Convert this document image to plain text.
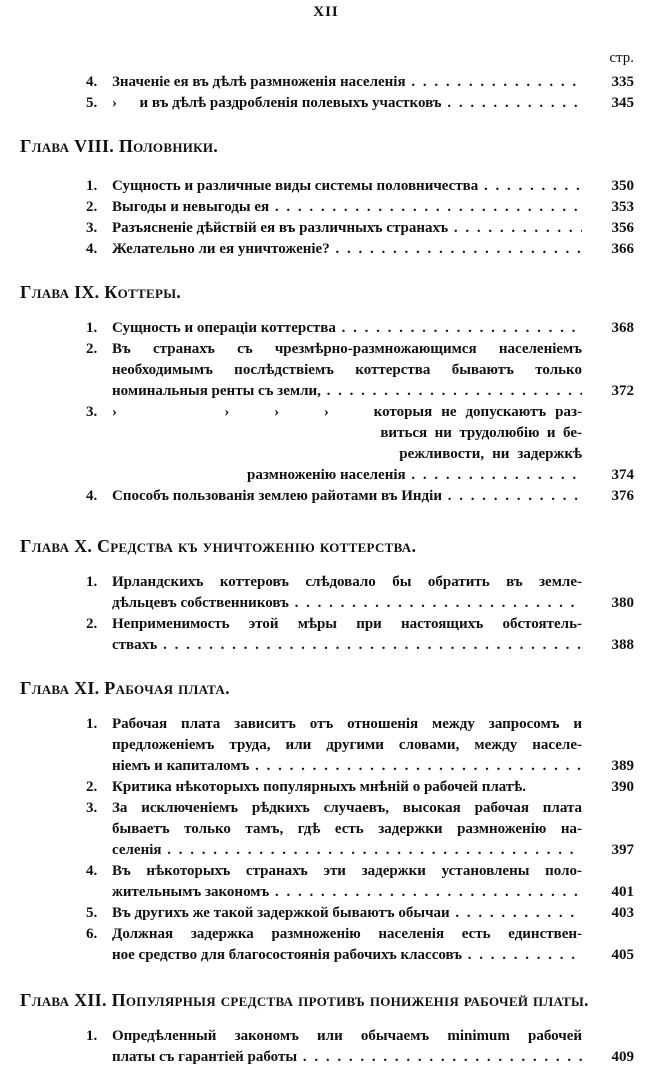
XII
стр.
4. Значеніе ея въ дѣлѣ размноженія населенія . . .	335
5. ›      и въ дѣлѣ раздробленія полевыхъ участковъ . . .	345
Глава VIII. Половники.
1. Сущность и различные виды системы половничества . . .	350
2. Выгоды и невыгоды ея . . .	353
3. Разъясненіе дѣйствій ея въ различныхъ странахъ . . .	356
4. Желательно ли ея уничтоженіе? . . .	366
Глава IX. Коттеры.
1. Сущность и операціи коттерства . . .	368
2. Въ странахъ съ чрезмѣрно-размножающимся населеніемъ
необходимымъ послѣдствіемъ коттерства бываютъ только
номинальныя ренты съ земли, . . .	372
3. ›            ›     ›     ›     которыя не допускаютъ раз-
виться ни трудолюбію и бе-
режливости, ни задержкѣ
размноженію населенія . . .	374
4. Способъ пользованія землею райотами въ Индіи . . .	376
Глава X. Средства къ уничтоженію коттерства.
1. Ирландскихъ коттеровъ слѣдовало бы обратить въ земле-
дѣльцевъ собственниковъ . . .	380
2. Неприменимость этой мѣры при настоящихъ обстоятель-
ствахъ . . .	388
Глава XI. Рабочая плата.
1. Рабочая плата зависитъ отъ отношенія между запросомъ и
предложеніемъ труда, или другими словами, между населе-
ніемъ и капиталомъ . . .	389
2. Критика нѣкоторыхъ популярныхъ мнѣній о рабочей платѣ.	390
3. За исключеніемъ рѣдкихъ случаевъ, высокая рабочая плата
бываетъ только тамъ, гдѣ есть задержки размноженію на-
селенія . . .	397
4. Въ нѣкоторыхъ странахъ эти задержки установлены поло-
жительнымъ закономъ . . .	401
5. Въ другихъ же такой задержкой бываютъ обычаи . . .	403
6. Должная задержка размноженію населенія есть единствен-
ное средство для благосостоянія рабочихъ классовъ . . .	405
Глава XII. Популярныя средства противъ пониженія рабочей платы.
1. Опредѣленный закономъ или обычаемъ minimum рабочей
платы съ гарантіей работы . . .	409
